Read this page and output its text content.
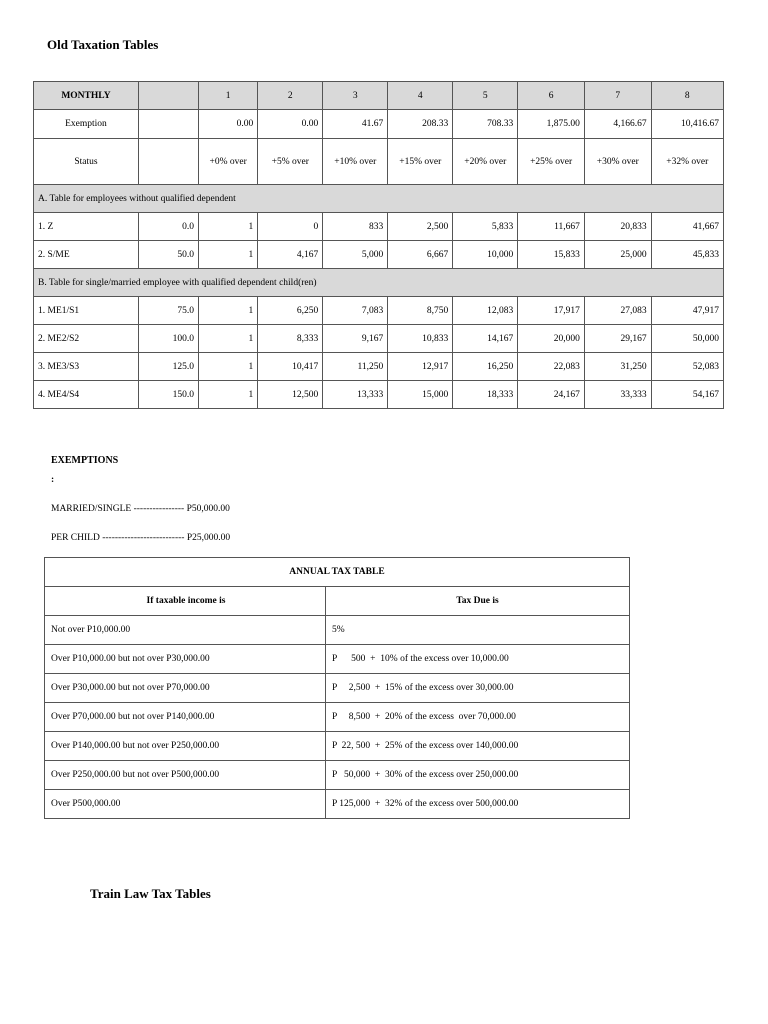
Old Taxation Tables
MONTHLY		1	2	3	4	5	6	7	8
Exemption		0.00	0.00	41.67	208.33	708.33	1,875.00	4,166.67	10,416.67
Status		+0% over	+5% over	+10% over	+15% over	+20% over	+25% over	+30% over	+32% over
A. Table for employees without qualified dependent									
1. Z	0.0	1	0	833	2,500	5,833	11,667	20,833	41,667
2. S/ME	50.0	1	4,167	5,000	6,667	10,000	15,833	25,000	45,833
B. Table for single/married employee with qualified dependent child(ren)									
1. ME1/S1	75.0	1	6,250	7,083	8,750	12,083	17,917	27,083	47,917
2. ME2/S2	100.0	1	8,333	9,167	10,833	14,167	20,000	29,167	50,000
3. ME3/S3	125.0	1	10,417	11,250	12,917	16,250	22,083	31,250	52,083
4. ME4/S4	150.0	1	12,500	13,333	15,000	18,333	24,167	33,333	54,167
EXEMPTIONS
:
MARRIED/SINGLE ---------------- P50,000.00
PER CHILD -------------------------- P25,000.00
ANNUAL TAX TABLE	
If taxable income is	Tax Due is
Not over P10,000.00	5%
Over P10,000.00 but not over P30,000.00	P      500  +  10% of the excess over 10,000.00
Over P30,000.00 but not over P70,000.00	P     2,500  +  15% of the excess over 30,000.00
Over P70,000.00 but not over P140,000.00	P     8,500  +  20% of the excess  over 70,000.00
Over P140,000.00 but not over P250,000.00	P  22, 500  +  25% of the excess over 140,000.00
Over P250,000.00 but not over P500,000.00	P   50,000  +  30% of the excess over 250,000.00
Over P500,000.00	P 125,000  +  32% of the excess over 500,000.00
Train Law Tax Tables
